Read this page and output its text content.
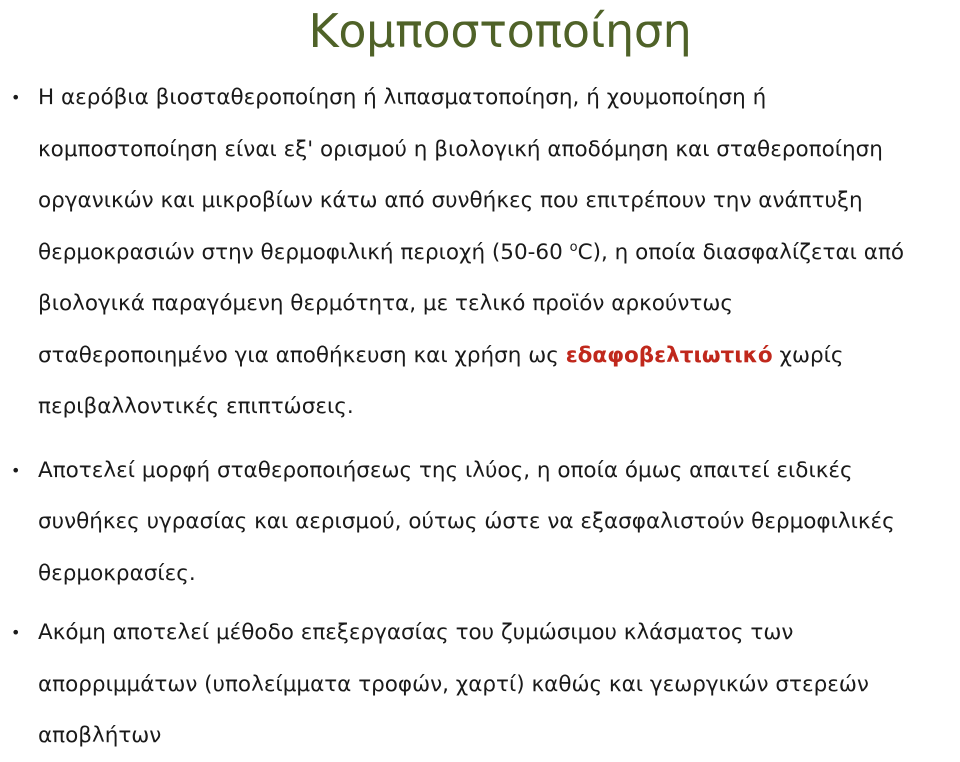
Κομποστοποίηση
• Η αερόβια βιοσταθεροποίηση ή λιπασματοποίηση, ή χουμοποίηση ή
κομποστοποίηση είναι εξ' ορισμού η βιολογική αποδόμηση και σταθεροποίηση
οργανικών και μικροβίων κάτω από συνθήκες που επιτρέπουν την ανάπτυξη
θερμοκρασιών στην θερμοφιλική περιοχή (50-60 $^o$C), η οποία διασφαλίζεται από
βιολογικά παραγόμενη θερμότητα, με τελικό προϊόν αρκούντως
σταθεροποιημένο για αποθήκευση και χρήση ως εδαφοβελτιωτικό χωρίς
περιβαλλοντικές επιπτώσεις.
• Αποτελεί μορφή σταθεροποιήσεως της ιλύος, η οποία όμως απαιτεί ειδικές
συνθήκες υγρασίας και αερισμού, ούτως ώστε να εξασφαλιστούν θερμοφιλικές
θερμοκρασίες.
• Ακόμη αποτελεί μέθοδο επεξεργασίας του ζυμώσιμου κλάσματος των
απορριμμάτων (υπολείμματα τροφών, χαρτί) καθώς και γεωργικών στερεών
αποβλήτων
